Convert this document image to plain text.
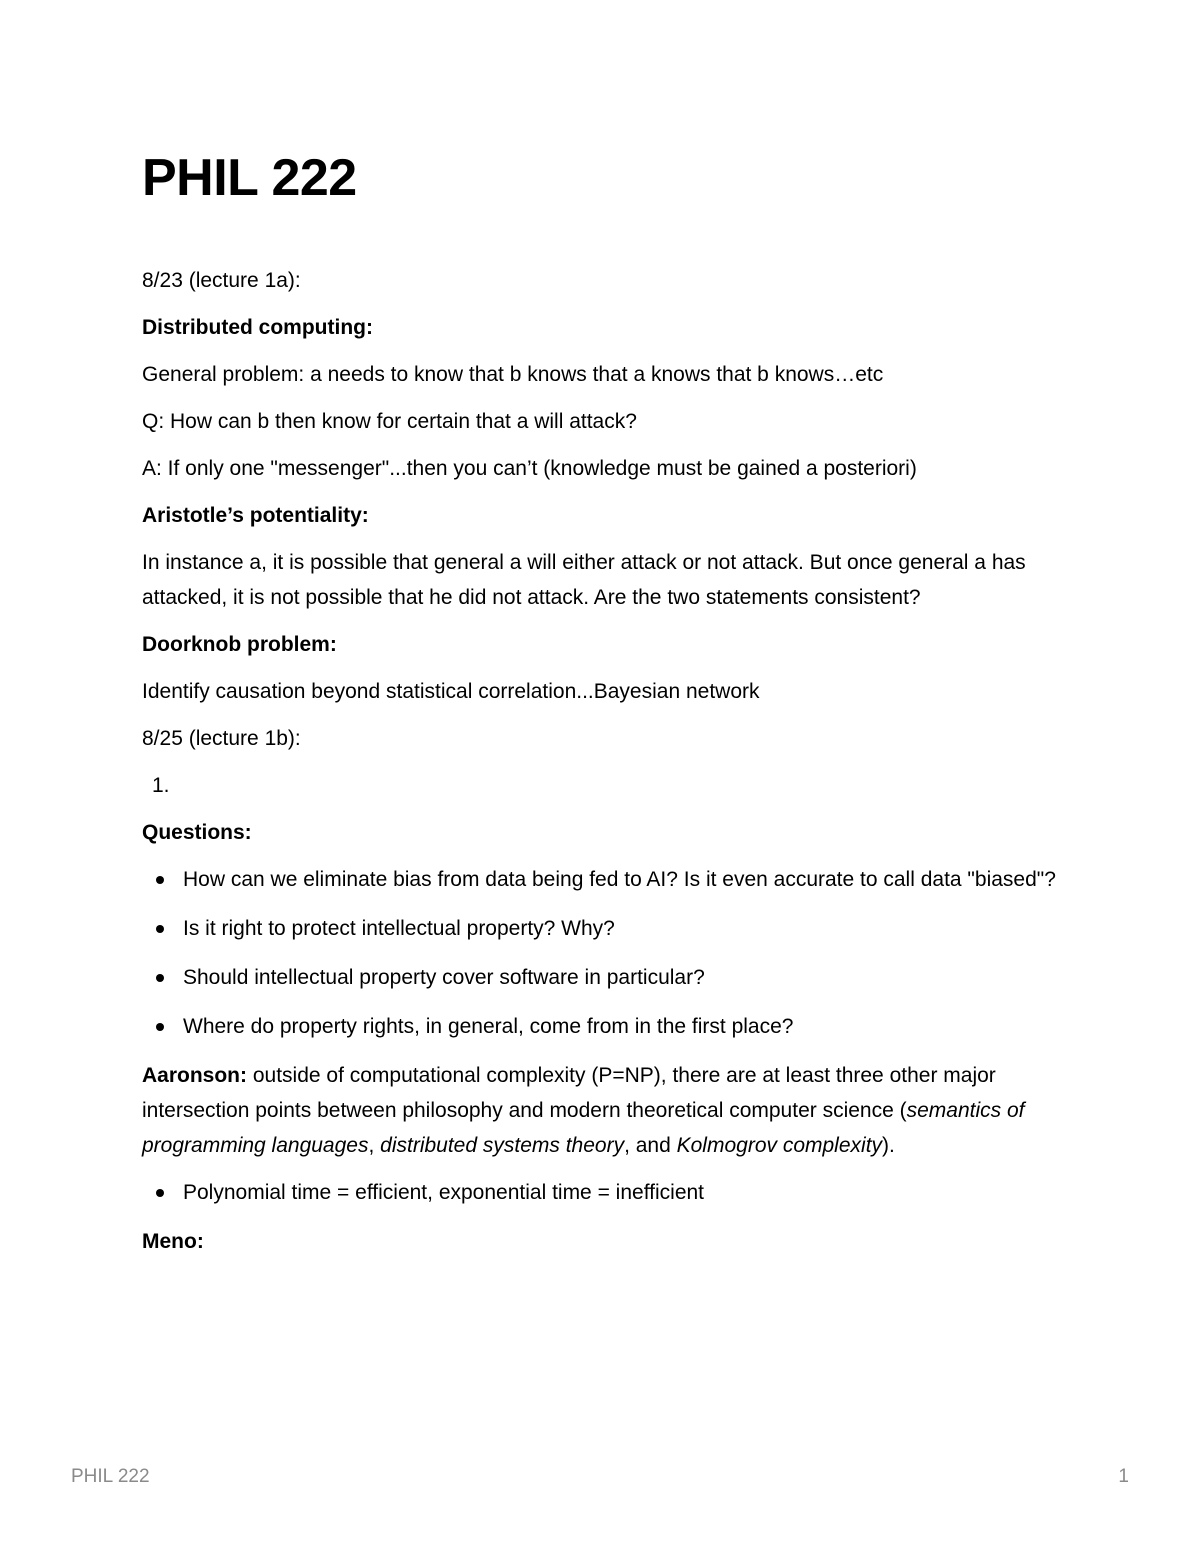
PHIL 222

8/23 (lecture 1a):

Distributed computing:

General problem: a needs to know that b knows that a knows that b knows…etc

Q: How can b then know for certain that a will attack?

A: If only one "messenger"...then you can’t (knowledge must be gained a posteriori)

Aristotle’s potentiality:

In instance a, it is possible that general a will either attack or not attack. But once general a has attacked, it is not possible that he did not attack. Are the two statements consistent?

Doorknob problem:

Identify causation beyond statistical correlation...Bayesian network

8/25 (lecture 1b):

1.

Questions:

How can we eliminate bias from data being fed to AI? Is it even accurate to call data "biased"?
Is it right to protect intellectual property? Why?
Should intellectual property cover software in particular?
Where do property rights, in general, come from in the first place?

Aaronson: outside of computational complexity (P=NP), there are at least three other major intersection points between philosophy and modern theoretical computer science (semantics of programming languages, distributed systems theory, and Kolmogrov complexity).

Polynomial time = efficient, exponential time = inefficient

Meno:

PHIL 222	1
